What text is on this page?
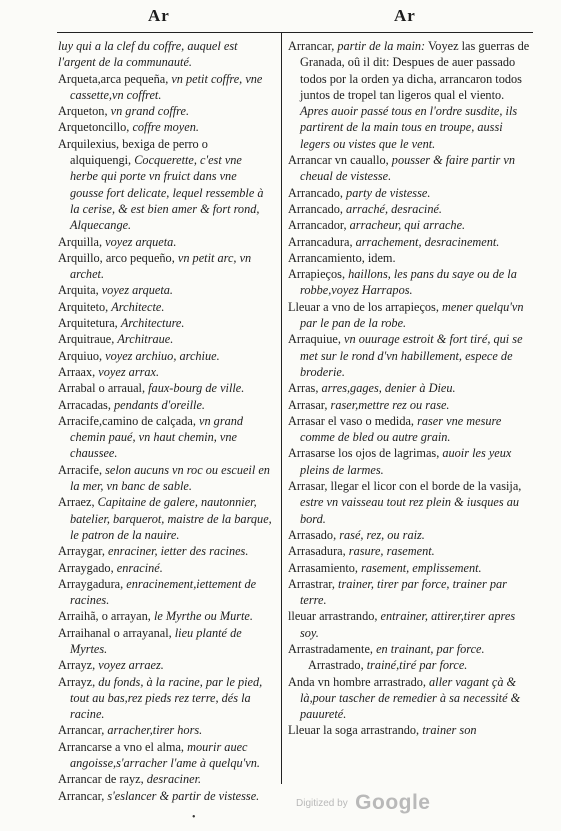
Ar	Ar

luy qui a la clef du coffre, auquel est l'argent de la communauté.

Arqueta,arca pequeña, vn petit coffre, vne cassette,vn coffret.

Arqueton, vn grand coffre.

Arquetoncillo, coffre moyen.

Arquilexius, bexiga de perro o alquiquengi, Cocquerette, c'est vne herbe qui porte vn fruict dans vne gousse fort delicate, lequel ressemble à la cerise, & est bien amer & fort rond, Alquecange.

Arquilla, voyez arqueta.

Arquillo, arco pequeño, vn petit arc, vn archet.

Arquita, voyez arqueta.

Arquiteto, Architecte.

Arquitetura, Architecture.

Arquitraue, Architraue.

Arquiuo, voyez archiuo, archiue.

Arraax, voyez arrax.

Arrabal o arraual, faux-bourg de ville.

Arracadas, pendants d'oreille.

Arracife,camino de calçada, vn grand chemin paué, vn haut chemin, vne chaussee.

Arracife, selon aucuns vn roc ou escueil en la mer, vn banc de sable.

Arraez, Capitaine de galere, nautonnier, batelier, barquerot, maistre de la barque, le patron de la nauire.

Arraygar, enraciner, ietter des racines.

Arraygado, enraciné.

Arraygadura, enracinement,iettement de racines.

Arraihã, o arrayan, le Myrthe ou Murte.

Arraihanal o arrayanal, lieu planté de Myrtes.

Arrayz, voyez arraez.

Arrayz, du fonds, à la racine, par le pied, tout au bas,rez pieds rez terre, dés la racine.

Arrancar, arracher,tirer hors.

Arrancarse a vno el alma, mourir auec angoisse,s'arracher l'ame à quelqu'vn.

Arrancar de rayz, desraciner.

Arrancar, s'eslancer & partir de vistesse.

Arrancar, partir de la main: Voyez las guerras de Granada, oû il dit: Despues de auer passado todos por la orden ya dicha, arrancaron todos juntos de tropel tan ligeros qual el viento. Apres auoir passé tous en l'ordre susdite, ils partirent de la main tous en troupe, aussi legers ou vistes que le vent.

Arrancar vn cauallo, pousser & faire partir vn cheual de vistesse.

Arrancado, party de vistesse.

Arrancado, arraché, desraciné.

Arrancador, arracheur, qui arrache.

Arrancadura, arrachement, desracinement.

Arrancamiento, idem.

Arrapieços, haillons, les pans du saye ou de la robbe,voyez Harrapos.

Lleuar a vno de los arrapieços, mener quelqu'vn par le pan de la robe.

Arraquiue, vn ouurage estroit & fort tiré, qui se met sur le rond d'vn habillement, espece de broderie.

Arras, arres,gages, denier à Dieu.

Arrasar, raser,mettre rez ou rase.

Arrasar el vaso o medida, raser vne mesure comme de bled ou autre grain.

Arrasarse los ojos de lagrimas, auoir les yeux pleins de larmes.

Arrasar, llegar el licor con el borde de la vasija, estre vn vaisseau tout rez plein & iusques au bord.

Arrasado, rasé, rez, ou raiz.

Arrasadura, rasure, rasement.

Arrasamiento, rasement, emplissement.

Arrastrar, trainer, tirer par force, trainer par terre.

lleuar arrastrando, entrainer, attirer,tirer apres soy.

Arrastradamente, en trainant, par force.

Arrastrado, trainé,tiré par force.

Anda vn hombre arrastrado, aller vagant çà & là,pour tascher de remedier à sa necessité & pauureté.

Lleuar la soga arrastrando, trainer son

•
Digitized by Google
